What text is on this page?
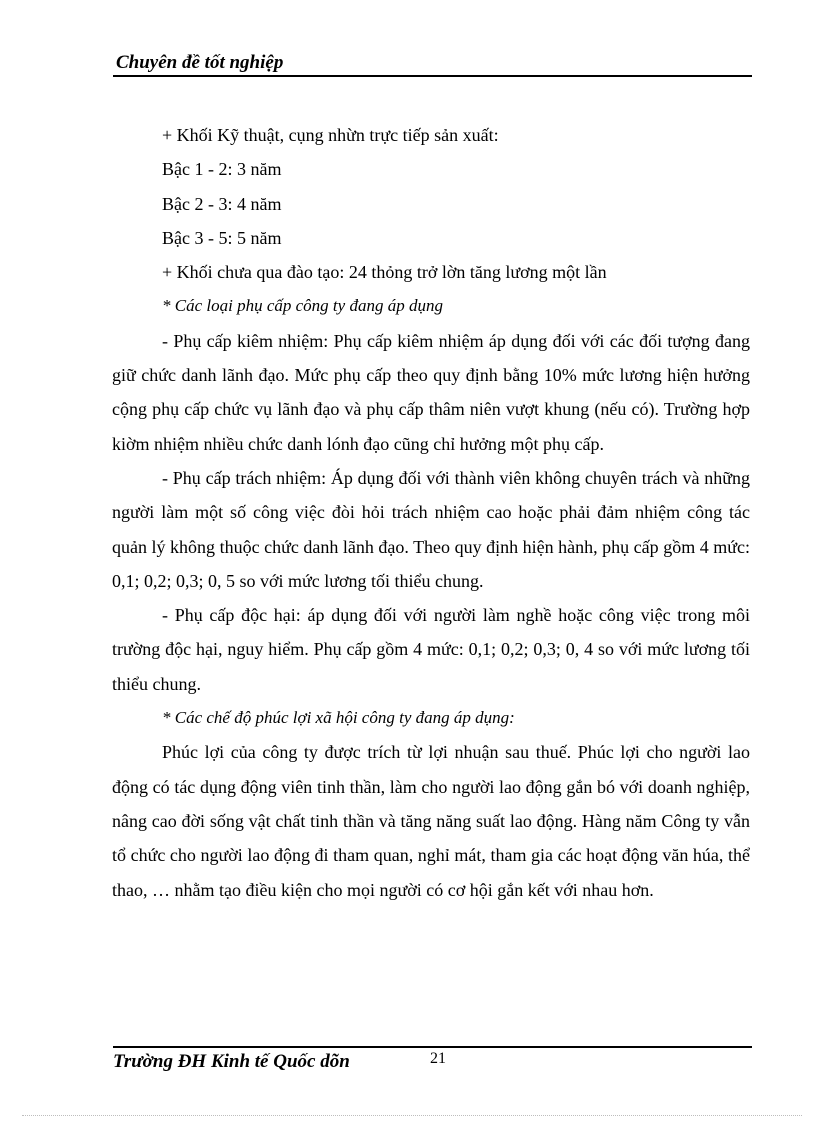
Chuyên đề tốt nghiệp

+ Khối Kỹ thuật, cụng nhừn trực tiếp sản xuất:

Bậc 1 - 2: 3 năm

Bậc 2 - 3: 4 năm

Bậc 3 - 5: 5 năm

+ Khối chưa qua đào tạo: 24 thỏng trở lờn tăng lương một lần

* Các loại phụ cấp công ty đang áp dụng

- Phụ cấp kiêm nhiệm: Phụ cấp kiêm nhiệm áp dụng đối với các đối tượng đang giữ chức danh lãnh đạo. Mức phụ cấp theo quy định bằng 10% mức lương hiện hưởng cộng phụ cấp chức vụ lãnh đạo và phụ cấp thâm niên vượt khung (nếu có). Trường hợp kiờm nhiệm nhiều chức danh lónh đạo cũng chỉ hưởng một phụ cấp.

- Phụ cấp trách nhiệm: Áp dụng đối với thành viên không chuyên trách và những người làm một số công việc đòi hỏi trách nhiệm cao hoặc phải đảm nhiệm công tác quản lý không thuộc chức danh lãnh đạo. Theo quy định hiện hành, phụ cấp gồm 4 mức: 0,1; 0,2; 0,3; 0, 5 so với mức lương tối thiểu chung.

- Phụ cấp độc hại: áp dụng đối với người làm nghề hoặc công việc trong môi trường độc hại, nguy hiểm. Phụ cấp gồm 4 mức: 0,1; 0,2; 0,3; 0, 4 so với mức lương tối thiểu chung.

* Các chế độ phúc lợi xã hội công ty đang áp dụng:

Phúc lợi của công ty được trích từ lợi nhuận sau thuế. Phúc lợi cho người lao động có tác dụng động viên tinh thần, làm cho người lao động gắn bó với doanh nghiệp, nâng cao đời sống vật chất tinh thần và tăng năng suất lao động. Hàng năm Công ty vẫn tổ chức cho người lao động đi tham quan, nghỉ mát, tham gia các hoạt động văn húa, thể thao, … nhằm tạo điều kiện cho mọi người có cơ hội gắn kết với nhau hơn.

Trường ĐH Kinh tế Quốc dõn	21
